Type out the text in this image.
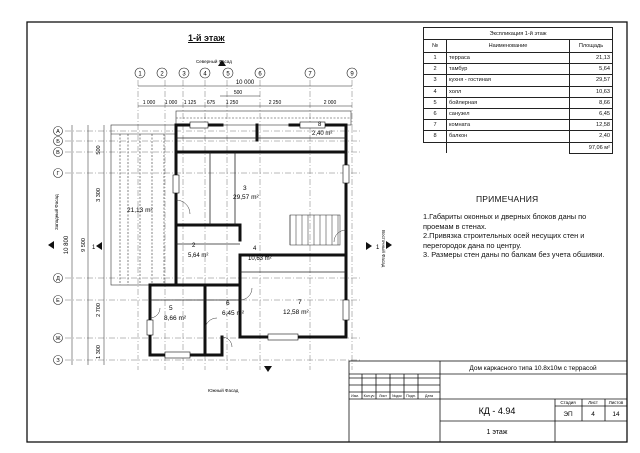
10 000
500
1 000 1 000 1 125 675 1 250	2 250	2 000
10 800 9 500
3 300
2 700
1 300
500
Северный Фасад
Южный Фасад
Западный Фасад
Восточный Фасад
1	1
21,13 m²
2
5,64 m²
3
29,57 m²
4
10,63 m²
5
8,66 m²
6
6,45 m²
7
12,58 m²
8
2,40 m²
Изм. Кол.уч Лист №док Подп.	Дата
Дом каркасного типа 10.8х10м с террасой
КД - 4.94
1 этаж
Стадия	Лист Листов
ЭП	4	14
1	2	3	4	5	6	7	9
А
Б
В
Г
Д
Е
Ж
З
1-й этаж	Экспликация 1-й этаж		
№	Наименование	Площадь
1	терраса	21,13
2	тамбур	5,64
3	кухня - гостиная	29,57
4	холл	10,63
5	бойлерная	8,66
6	санузел	6,45
7	комната	12,58
8	балкон	2,40
		97,06 м²
ПРИМЕЧАНИЯ
1.Габариты оконных и дверных блоков даны по проемам в стенах.
2.Привязка строительных осей несущих стен и перегородок дана по центру.
3. Размеры стен даны по балкам без учета обшивки.
